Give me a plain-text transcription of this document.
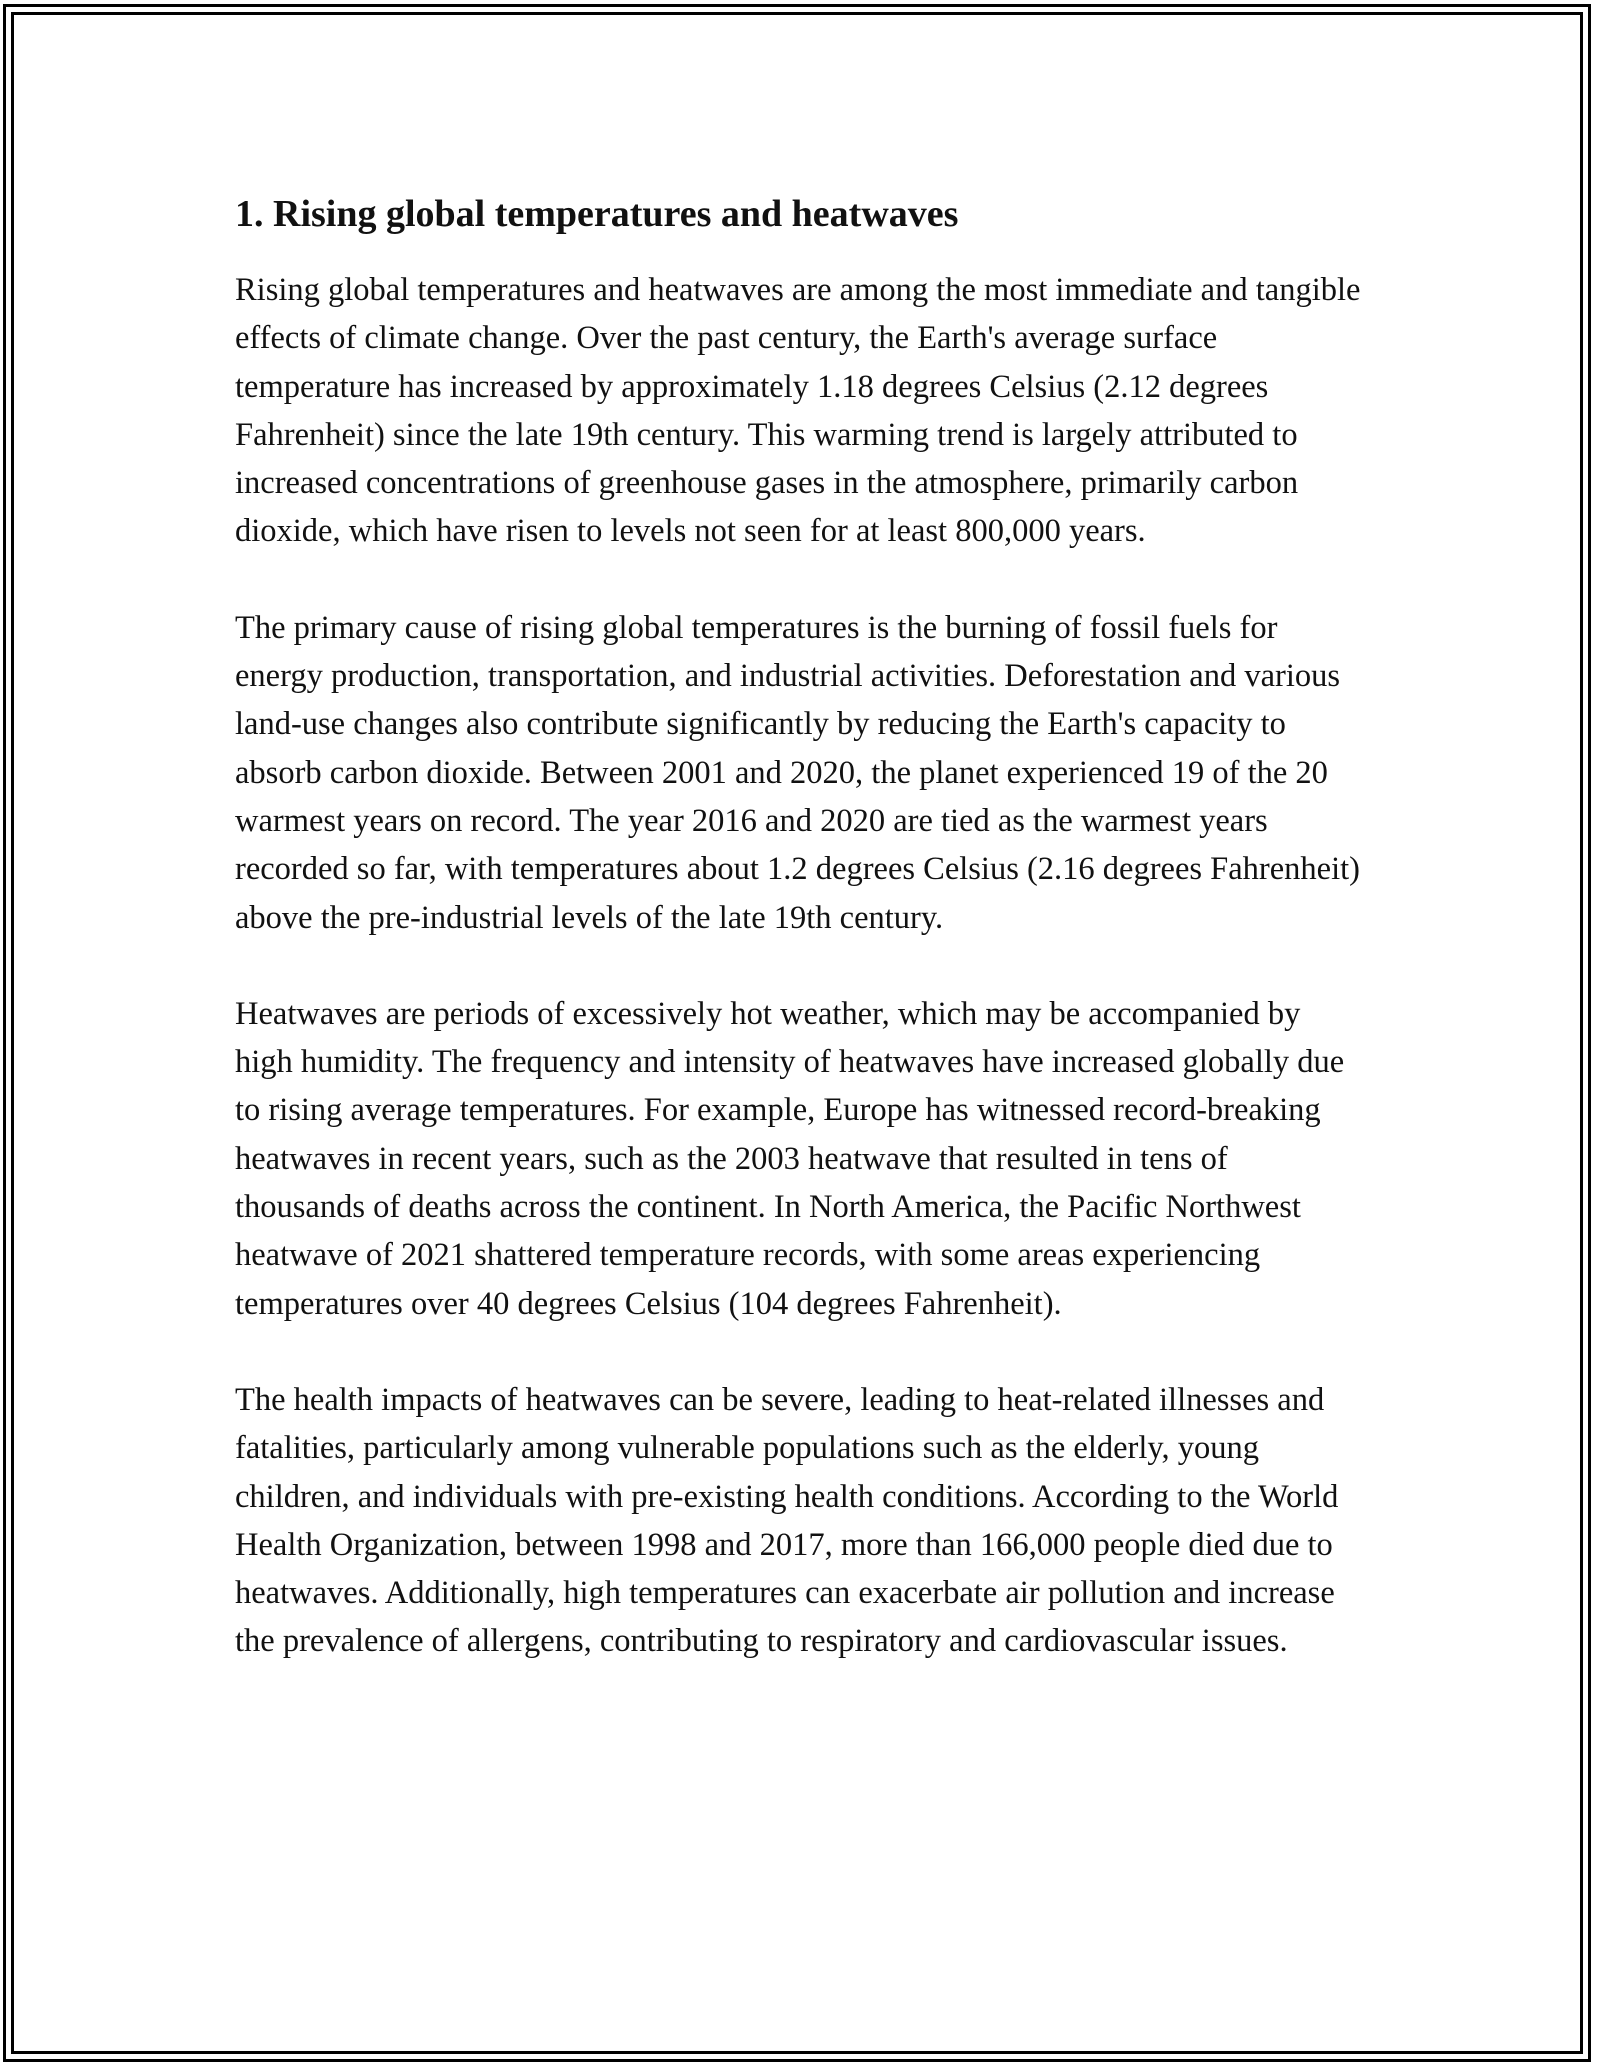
1. Rising global temperatures and heatwaves

Rising global temperatures and heatwaves are among the most immediate and tangible effects of climate change. Over the past century, the Earth's average surface temperature has increased by approximately 1.18 degrees Celsius (2.12 degrees Fahrenheit) since the late 19th century. This warming trend is largely attributed to increased concentrations of greenhouse gases in the atmosphere, primarily carbon dioxide, which have risen to levels not seen for at least 800,000 years.

The primary cause of rising global temperatures is the burning of fossil fuels for energy production, transportation, and industrial activities. Deforestation and various land-use changes also contribute significantly by reducing the Earth's capacity to absorb carbon dioxide. Between 2001 and 2020, the planet experienced 19 of the 20 warmest years on record. The year 2016 and 2020 are tied as the warmest years recorded so far, with temperatures about 1.2 degrees Celsius (2.16 degrees Fahrenheit) above the pre-industrial levels of the late 19th century.

Heatwaves are periods of excessively hot weather, which may be accompanied by high humidity. The frequency and intensity of heatwaves have increased globally due to rising average temperatures. For example, Europe has witnessed record-breaking heatwaves in recent years, such as the 2003 heatwave that resulted in tens of thousands of deaths across the continent. In North America, the Pacific Northwest heatwave of 2021 shattered temperature records, with some areas experiencing temperatures over 40 degrees Celsius (104 degrees Fahrenheit).

The health impacts of heatwaves can be severe, leading to heat-related illnesses and fatalities, particularly among vulnerable populations such as the elderly, young children, and individuals with pre-existing health conditions. According to the World Health Organization, between 1998 and 2017, more than 166,000 people died due to heatwaves. Additionally, high temperatures can exacerbate air pollution and increase the prevalence of allergens, contributing to respiratory and cardiovascular issues.
